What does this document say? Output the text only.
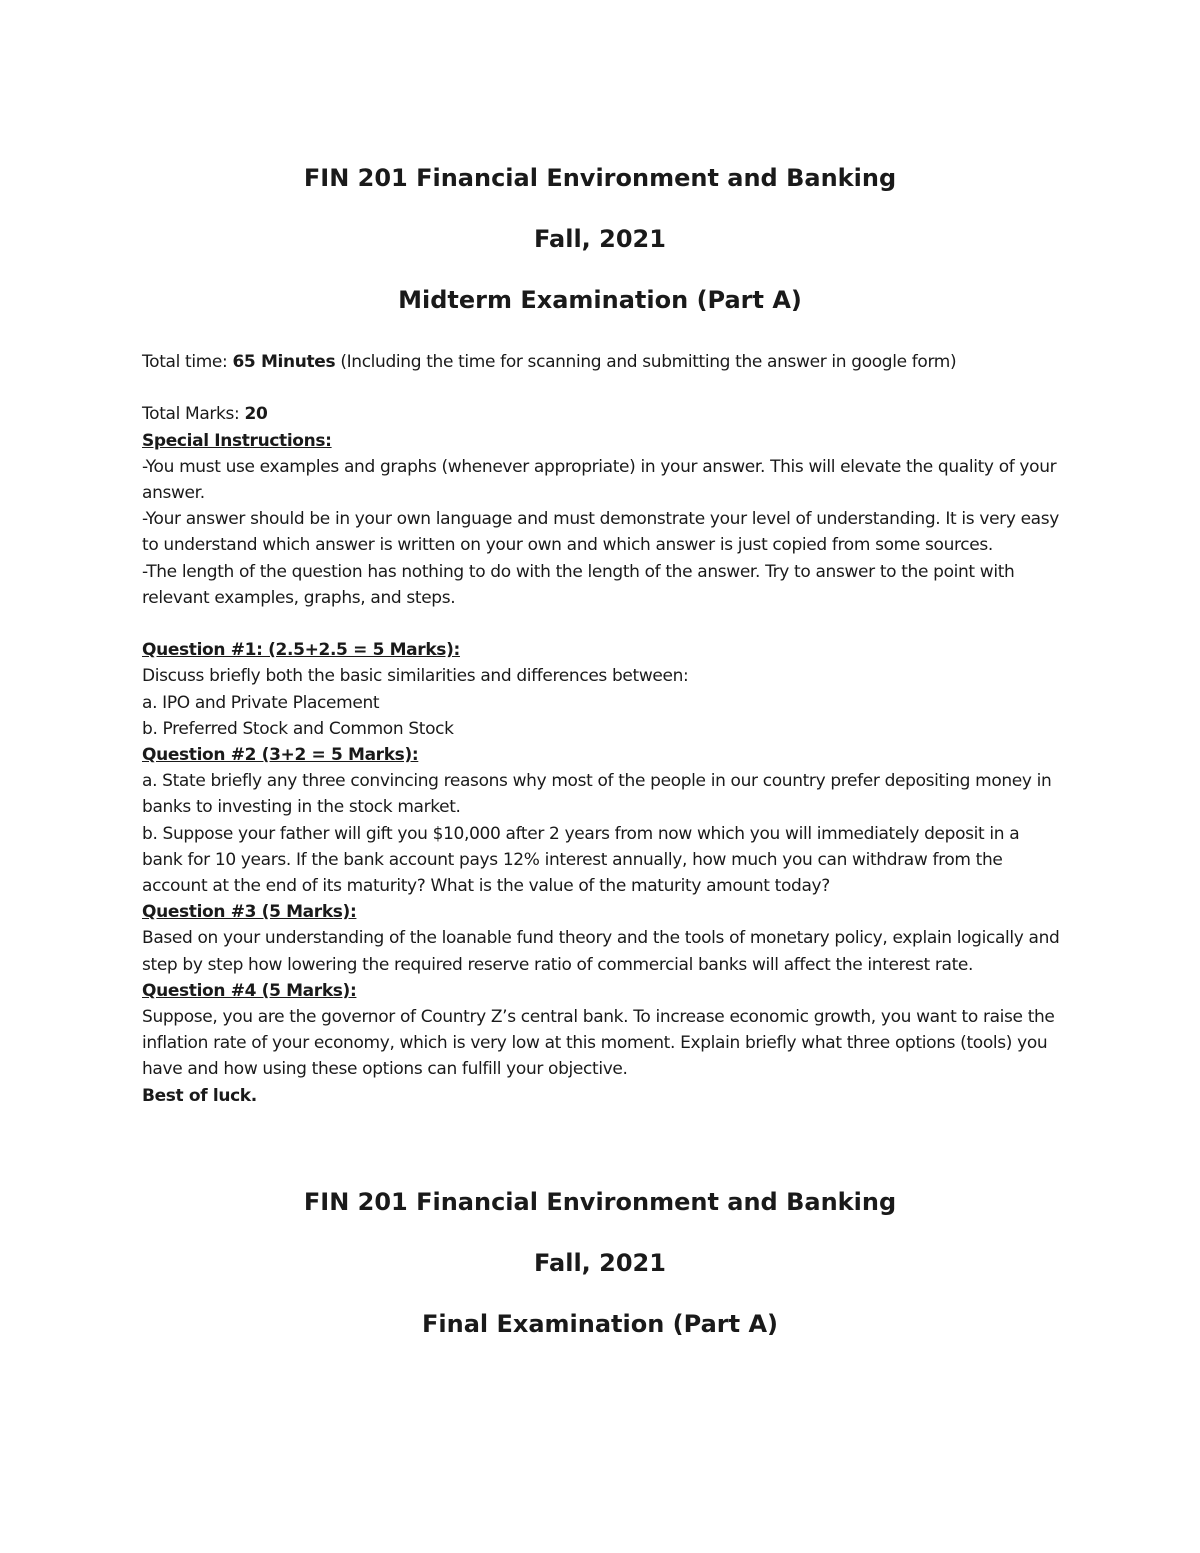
FIN 201 Financial Environment and Banking
Fall, 2021
Midterm Examination (Part A)

Total time: 65 Minutes (Including the time for scanning and submitting the answer in google form)

Total Marks: 20

Special Instructions:

-You must use examples and graphs (whenever appropriate) in your answer. This will elevate the quality of your answer.

-Your answer should be in your own language and must demonstrate your level of understanding. It is very easy to understand which answer is written on your own and which answer is just copied from some sources.

-The length of the question has nothing to do with the length of the answer. Try to answer to the point with relevant examples, graphs, and steps.

Question #1: (2.5+2.5 = 5 Marks):

Discuss briefly both the basic similarities and differences between:

a. IPO and Private Placement

b. Preferred Stock and Common Stock

Question #2 (3+2 = 5 Marks):

a. State briefly any three convincing reasons why most of the people in our country prefer depositing money in banks to investing in the stock market.

b. Suppose your father will gift you $10,000 after 2 years from now which you will immediately deposit in a bank for 10 years. If the bank account pays 12% interest annually, how much you can withdraw from the account at the end of its maturity? What is the value of the maturity amount today?

Question #3 (5 Marks):

Based on your understanding of the loanable fund theory and the tools of monetary policy, explain logically and step by step how lowering the required reserve ratio of commercial banks will affect the interest rate.

Question #4 (5 Marks):

Suppose, you are the governor of Country Z’s central bank. To increase economic growth, you want to raise the inflation rate of your economy, which is very low at this moment. Explain briefly what three options (tools) you have and how using these options can fulfill your objective.

Best of luck.

FIN 201 Financial Environment and Banking
Fall, 2021
Final Examination (Part A)
